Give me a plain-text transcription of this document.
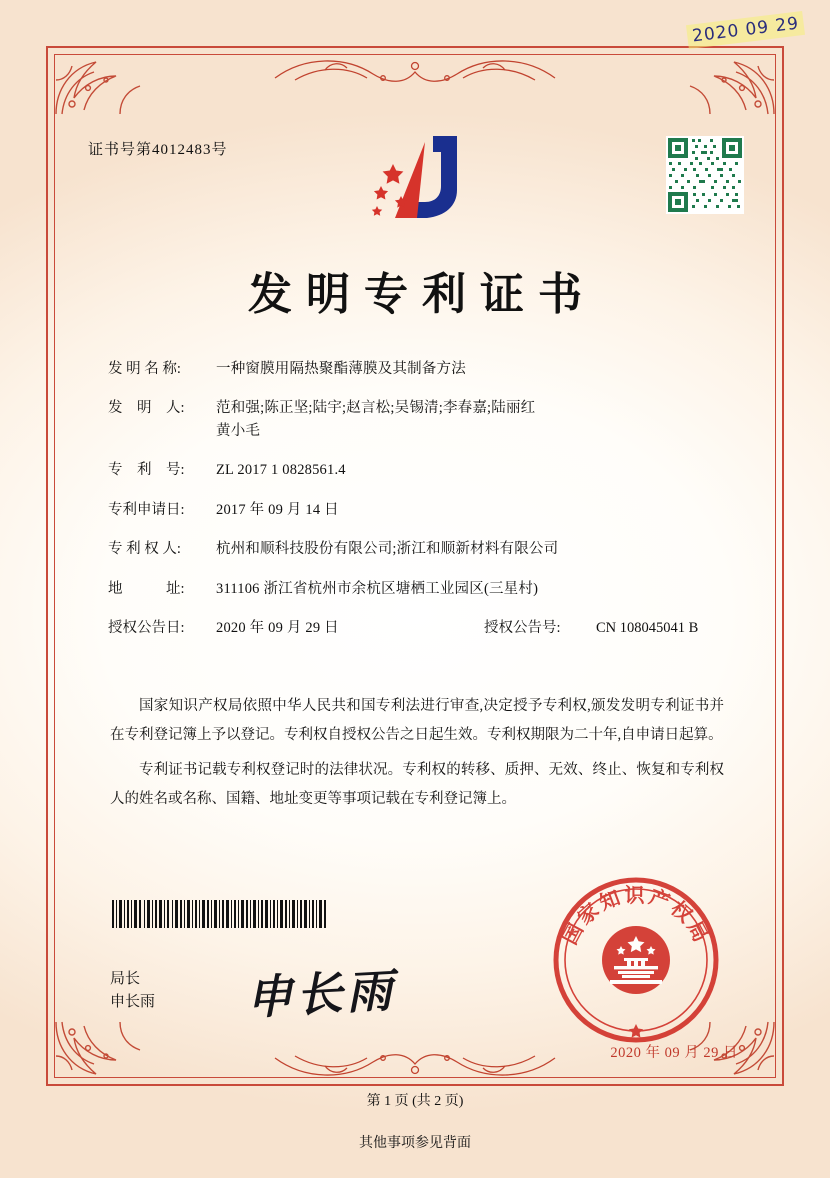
2020 09 29
证书号第4012483号
发明专利证书
发 明 名 称:	一种窗膜用隔热聚酯薄膜及其制备方法
发　明　人:	范和强;陈正坚;陆宇;赵言松;吴锡清;李春嘉;陆丽红
黄小毛
专　利　号:	ZL 2017 1 0828561.4
专利申请日:	2017 年 09 月 14 日
专 利 权 人:	杭州和顺科技股份有限公司;浙江和顺新材料有限公司
地　　　址:	311106 浙江省杭州市余杭区塘栖工业园区(三星村)
授权公告日:	2020 年 09 月 29 日	授权公告号:	CN 108045041 B

国家知识产权局依照中华人民共和国专利法进行审查,决定授予专利权,颁发发明专利证书并在专利登记簿上予以登记。专利权自授权公告之日起生效。专利权期限为二十年,自申请日起算。

专利证书记载专利权登记时的法律状况。专利权的转移、质押、无效、终止、恢复和专利权人的姓名或名称、国籍、地址变更等事项记载在专利登记簿上。

局长
申长雨 申长雨
国家知识产权局
2020 年 09 月 29 日
第 1 页 (共 2 页)
其他事项参见背面
